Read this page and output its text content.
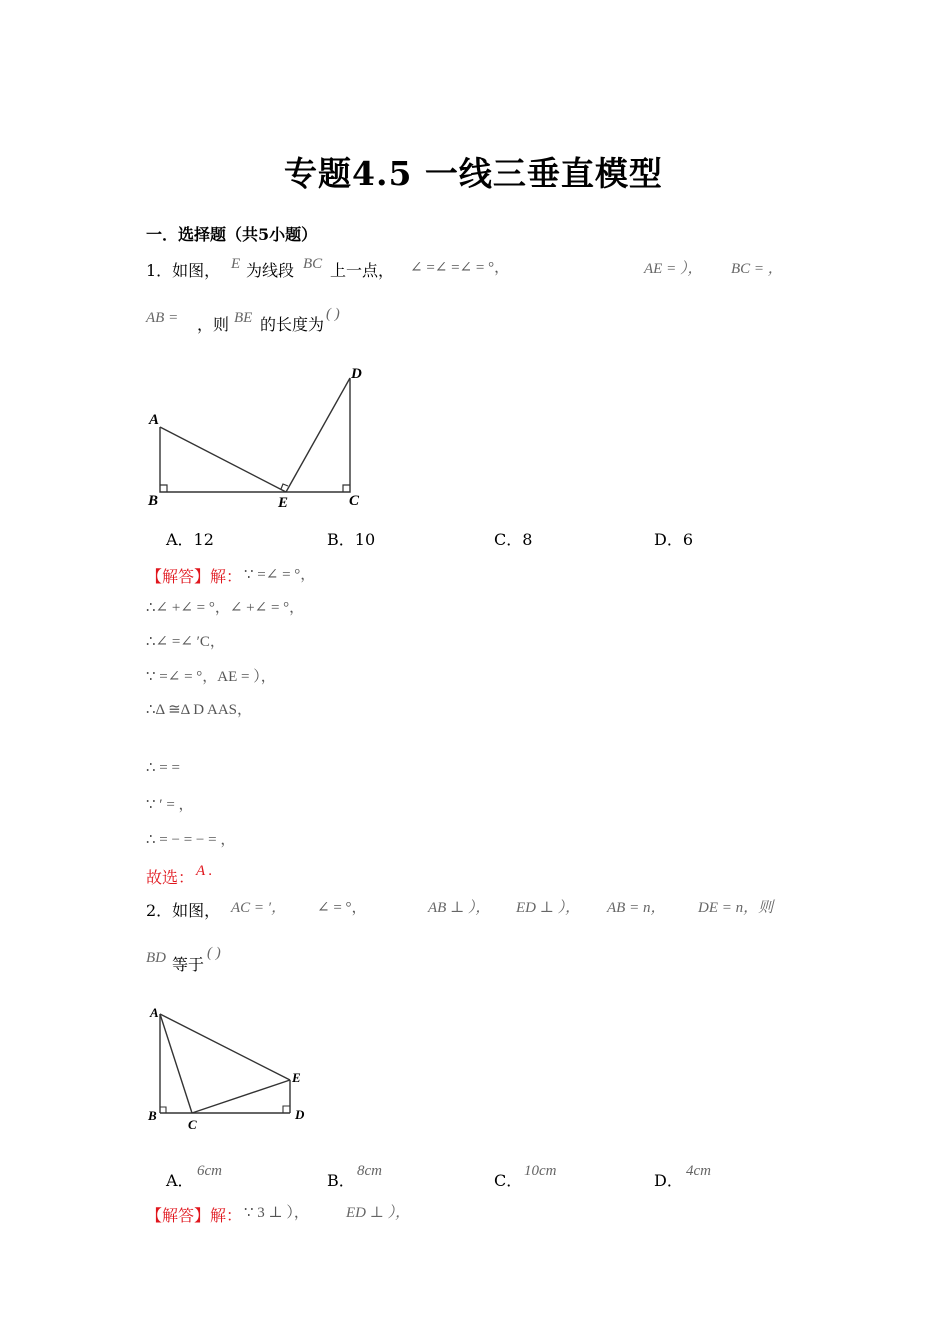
专题4.5 一线三垂直模型
一．选择题（共5小题）
1．如图， E 为线段 BC 上一点， ∠ =∠ =∠ = °，	AE = ）， BC = ，
AB = ，则 BE 的长度为
( )
A
B	E	C
D
A．12	B．10	C．8	D．6
【解答】解： ∵ =∠ = °，
∴∠ +∠ = °，∠ +∠ = °，
∴∠ =∠ ′C，
∵ =∠ = °，AE = ），
∴Δ ≅Δ D AAS，
∴ = =
∵ ′ = ，
∴ = − = − = ，
故选： A .
2．如图， AC = ′， ∠ = °，	AB ⊥ ）， ED ⊥ ）， AB = n， DE = n，则
BD 等于
( )
A
B
C
D
E
A． 6cm	B． 8cm	C． 10cm	D． 4cm
【解答】解： ∵ 3 ⊥ ）， ED ⊥ ），
